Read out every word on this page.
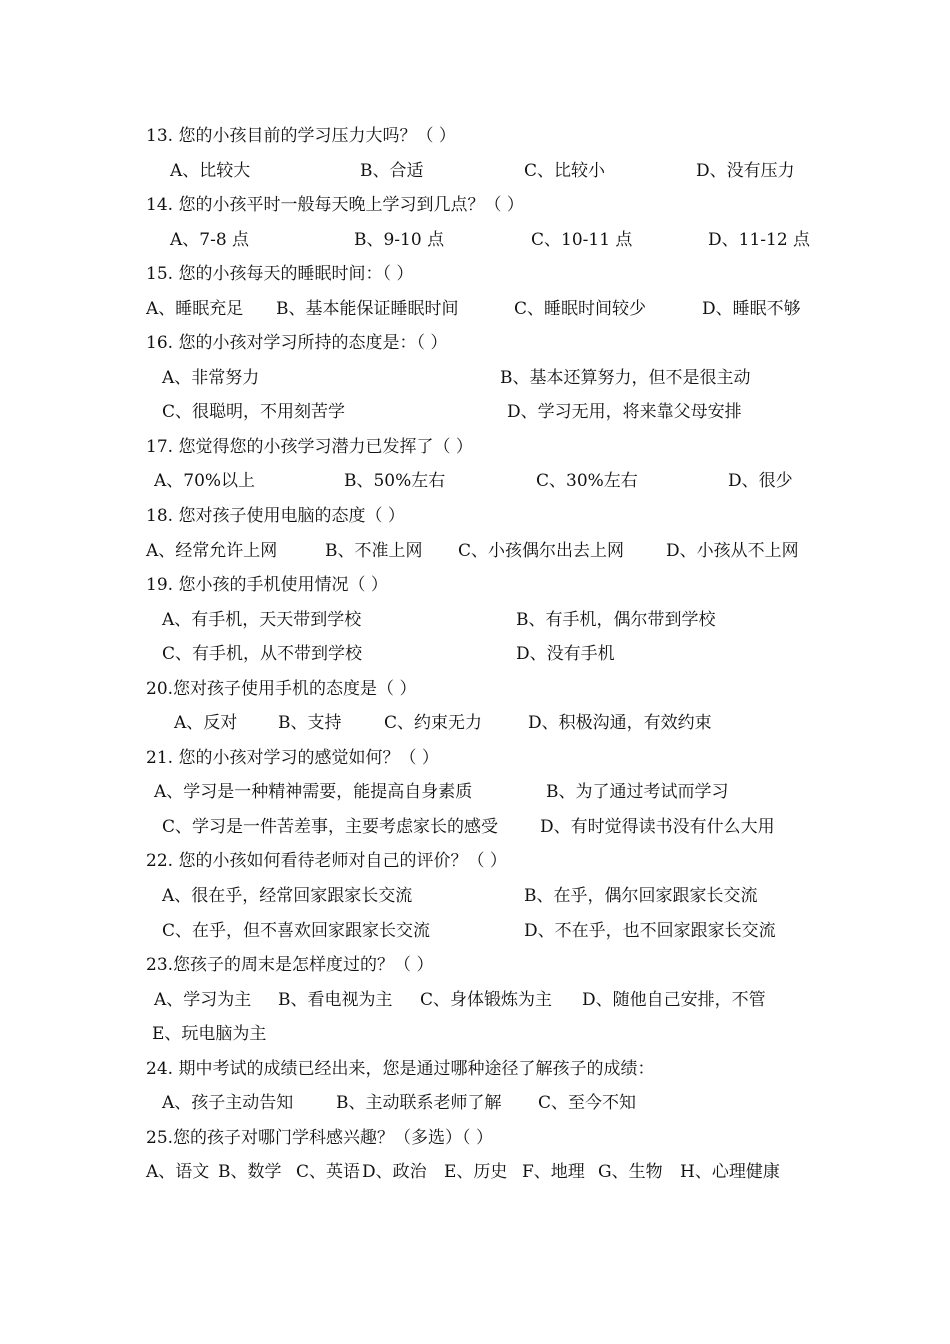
13. 您的小孩目前的学习压力大吗？（ ）
A、比较大	B、合适	C、比较小	D、没有压力
14. 您的小孩平时一般每天晚上学习到几点？（ ）
A、7-8 点	B、9-10 点	C、10-11 点	D、11-12 点
15. 您的小孩每天的睡眠时间：（ ）
A、睡眠充足 B、基本能保证睡眠时间	C、睡眠时间较少	D、睡眠不够
16. 您的小孩对学习所持的态度是：（ ）
A、非常努力	B、基本还算努力，但不是很主动
C、很聪明，不用刻苦学	D、学习无用，将来靠父母安排
17. 您觉得您的小孩学习潜力已发挥了（ ）
A、70%以上	B、50%左右	C、30%左右	D、很少
18. 您对孩子使用电脑的态度（ ）
A、经常允许上网	B、不准上网 C、小孩偶尔出去上网 D、小孩从不上网
19. 您小孩的手机使用情况（ ）
A、有手机，天天带到学校	B、有手机，偶尔带到学校
C、有手机，从不带到学校	D、没有手机
20.您对孩子使用手机的态度是（ ）
A、反对 B、支持	C、约束无力	D、积极沟通，有效约束
21. 您的小孩对学习的感觉如何？（ ）
A、学习是一种精神需要，能提高自身素质	B、为了通过考试而学习
C、学习是一件苦差事，主要考虑家长的感受 D、有时觉得读书没有什么大用
22. 您的小孩如何看待老师对自己的评价？（ ）
A、很在乎，经常回家跟家长交流	B、在乎，偶尔回家跟家长交流
C、在乎，但不喜欢回家跟家长交流	D、不在乎，也不回家跟家长交流
23.您孩子的周末是怎样度过的？（ ）
A、学习为主 B、看电视为主 C、身体锻炼为主 D、随他自己安排，不管
E、玩电脑为主
24. 期中考试的成绩已经出来，您是通过哪种途径了解孩子的成绩：
A、孩子主动告知	B、主动联系老师了解 C、至今不知
25.您的孩子对哪门学科感兴趣？（多选）（ ）
A、语文 B、数学 C、英语 D、政治 E、历史 F、地理 G、生物 H、心理健康
